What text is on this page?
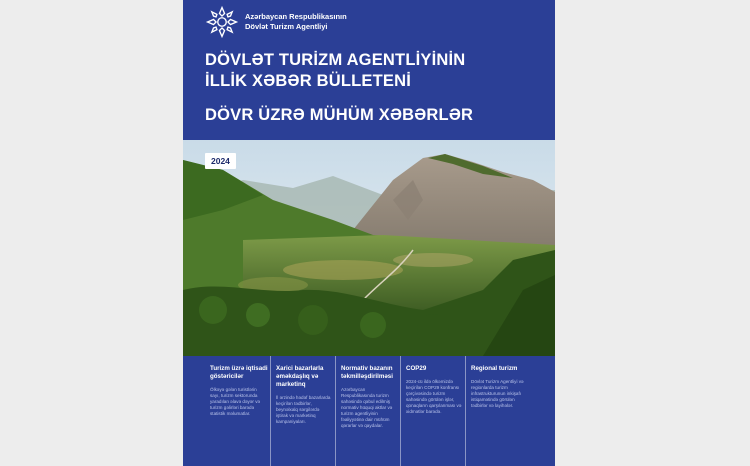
Azərbaycan Respublikasının
Dövlət Turizm Agentliyi
DÖVLƏT TURİZM AGENTLİYİNİN
İLLİK XƏBƏR BÜLLETENİ
DÖVR ÜZRƏ MÜHÜM XƏBƏRLƏR
2024
Turizm üzrə iqtisadi göstəricilər
Ölkəyə gələn turistlərin sayı, turizm sektorunda yaradılan əlavə dəyər və turizm gəlirləri barədə statistik məlumatlar.
Xarici bazarlarla əməkdaşlıq və marketinq
İl ərzində hədəf bazarlarda keçirilən tədbirlər, beynəlxalq sərgilərdə iştirak və marketinq kampaniyaları.
Normativ bazanın təkmilləşdirilməsi
Azərbaycan Respublikasında turizm sahəsində qəbul edilmiş normativ hüquqi aktlar və turizm agentliyinin fəaliyyətinə dair mühüm qərarlar və qaydalar.
COP29
2024-cü ildə ölkəmizdə keçirilən COP29 konfransı çərçivəsində turizm sahəsində görülən işlər, qonaqların qarşılanması və xidmətlər barədə.
Regional turizm
Dövlət Turizm Agentliyi və regionlarda turizm infrastrukturunun inkişafı istiqamətində görülən tədbirlər və layihələr.
